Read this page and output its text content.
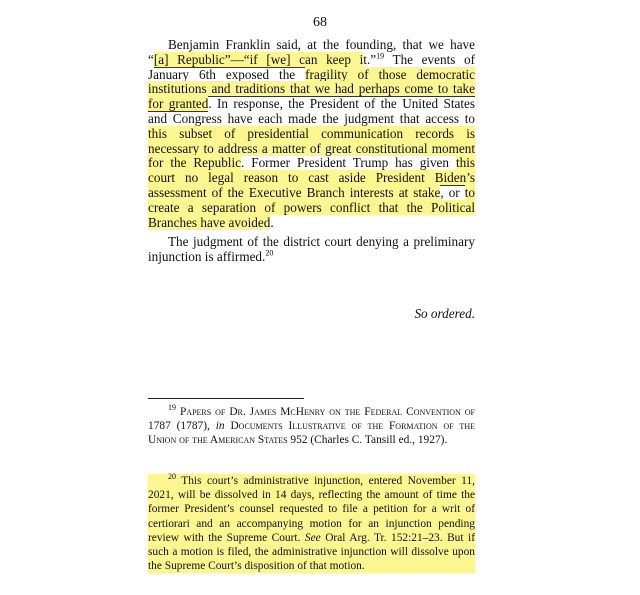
68
Benjamin Franklin said, at the founding, that we have “[a] Republic”—“if [we] can keep it.”$^{19}$ The events of January 6th exposed the fragility of those democratic institutions and traditions that we had perhaps come to take for granted. In response, the President of the United States and Congress have each made the judgment that access to this subset of presidential communication records is necessary to address a matter of great constitutional moment for the Republic. Former President Trump has given this court no legal reason to cast aside President Biden’s assessment of the Executive Branch interests at stake, or to create a separation of powers conflict that the Political Branches have avoided.
The judgment of the district court denying a preliminary injunction is affirmed.$^{20}$
So ordered.
$^{19}$ Papers of Dr. James McHenry on the Federal Convention of 1787 (1787), in Documents Illustrative of the Formation of the Union of the American States 952 (Charles C. Tansill ed., 1927).
$^{20}$ This court’s administrative injunction, entered November 11, 2021, will be dissolved in 14 days, reflecting the amount of time the former President’s counsel requested to file a petition for a writ of certiorari and an accompanying motion for an injunction pending review with the Supreme Court. See Oral Arg. Tr. 152:21–23. But if such a motion is filed, the administrative injunction will dissolve upon the Supreme Court’s disposition of that motion.
